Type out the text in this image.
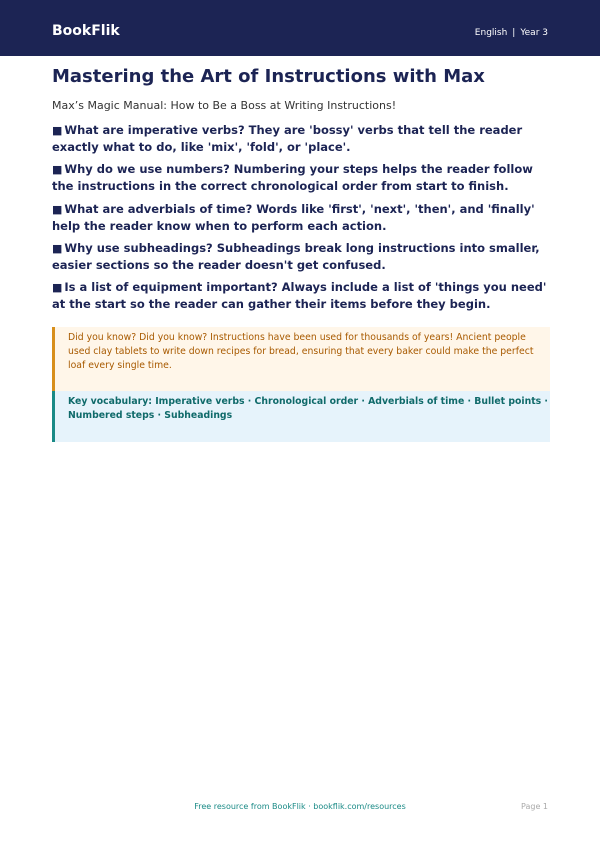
BookFlik	English | Year 3
Mastering the Art of Instructions with Max
Max’s Magic Manual: How to Be a Boss at Writing Instructions!
■ What are imperative verbs? They are 'bossy' verbs that tell the reader exactly what to do, like 'mix', 'fold', or 'place'.
■ Why do we use numbers? Numbering your steps helps the reader follow the instructions in the correct chronological order from start to finish.
■ What are adverbials of time? Words like 'first', 'next', 'then', and 'finally' help the reader know when to perform each action.
■ Why use subheadings? Subheadings break long instructions into smaller, easier sections so the reader doesn't get confused.
■ Is a list of equipment important? Always include a list of 'things you need' at the start so the reader can gather their items before they begin.
Did you know? Did you know? Instructions have been used for thousands of years! Ancient people used clay tablets to write down recipes for bread, ensuring that every baker could make the perfect loaf every single time.
Key vocabulary: Imperative verbs · Chronological order · Adverbials of time · Bullet points · Numbered steps · Subheadings
Free resource from BookFlik · bookflik.com/resources	Page 1
